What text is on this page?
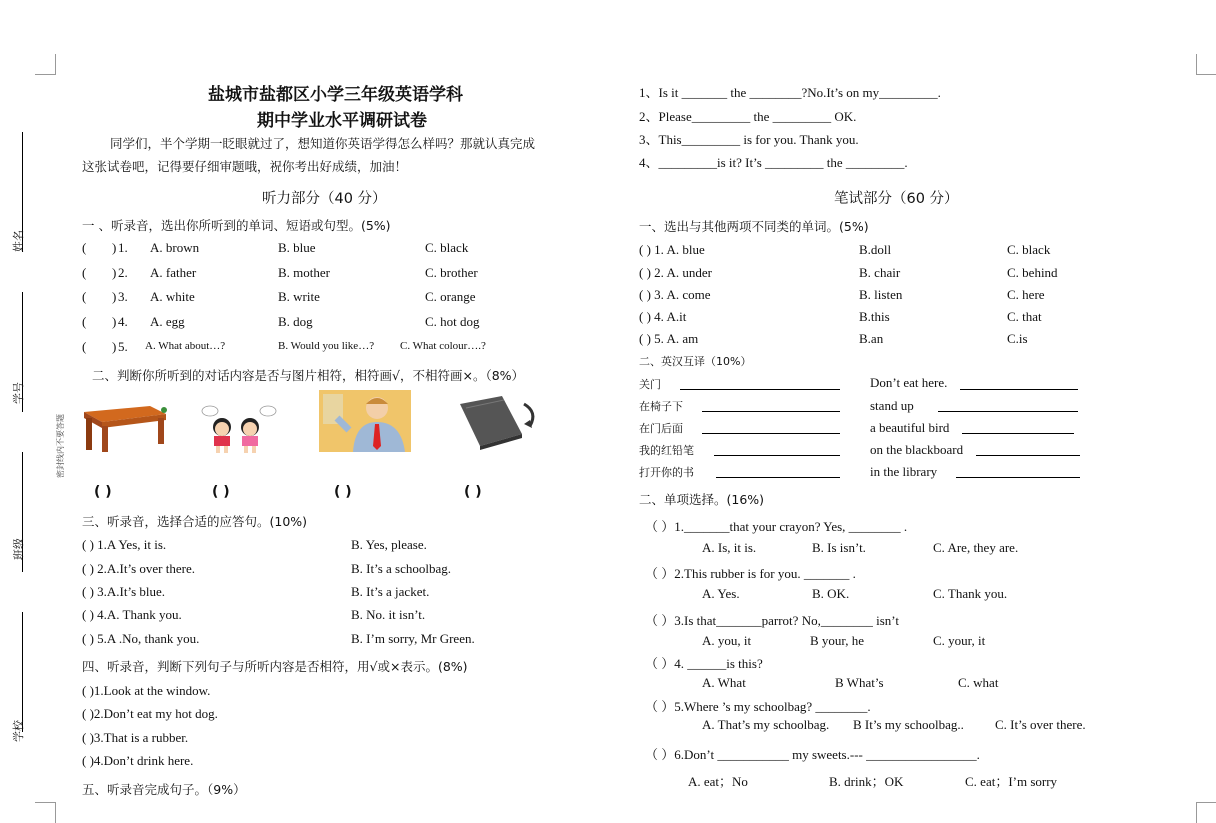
姓名
学号
班级
学校
密封线内不要答题
盐城市盐都区小学三年级英语学科
期中学业水平调研试卷
同学们，半个学期一眨眼就过了，想知道你英语学得怎么样吗？那就认真完成
这张试卷吧，记得要仔细审题哦，祝你考出好成绩，加油！
听力部分（40 分）
一 、听录音，选出你所听到的单词、短语或句型。(5%)
( ) 1. A. brown	B. blue	C. black
( ) 2. A. father	B. mother	C. brother
( ) 3. A. white	B. write	C. orange
( ) 4. A. egg	B. dog	C. hot dog
( ) 5. A. What about…?	B. Would you like…? C. What colour….?
二、判断你所听到的对话内容是否与图片相符，相符画√，不相符画×。（8%）
( )	( )	( )	( )
三、听录音，选择合适的应答句。(10%)
( ) 1.A Yes, it is.	B. Yes, please.
( ) 2.A.It’s over there.	B. It’s a schoolbag.
( ) 3.A.It’s blue.	B. It’s a jacket.
( ) 4.A. Thank you.	B. No. it isn’t.
( ) 5.A .No, thank you.	B. I’m sorry, Mr Green.
四、听录音，判断下列句子与所听内容是否相符，用√或×表示。(8%)
( )1.Look at the window.
( )2.Don’t eat my hot dog.
( )3.That is a rubber.
( )4.Don’t drink here.
五、听录音完成句子。（9%）
1、Is it _______ the ________?No.It’s on my_________.
2、Please_________ the _________ OK.
3、This_________ is for you. Thank you.
4、_________is it? It’s _________ the _________.
笔试部分（60 分）
一、选出与其他两项不同类的单词。(5%)
( ) 1. A. blue	B.doll	C. black
( ) 2. A. under	B. chair	C. behind
( ) 3. A. come	B. listen	C. here
( ) 4. A.it	B.this	C. that
( ) 5. A. am	B.an	C.is
二、英汉互译（10%）
关门	Don’t eat here.
在椅子下	stand up
在门后面	a beautiful bird
我的红铅笔	on the blackboard
打开你的书	in the library
二、单项选择。(16%)
（ ）1._______that your crayon? Yes, ________ .
A. Is, it is.	B. Is isn’t.	C. Are, they are.
（ ）2.This rubber is for you. _______ .
A. Yes.	B. OK.	C. Thank you.
（ ）3.Is that_______parrot? No,________ isn’t
A. you, it	B your, he	C. your, it
（ ）4. ______is this?
A. What	B What’s	C. what
（ ）5.Where ’s my schoolbag? ________.
A. That’s my schoolbag. B It’s my schoolbag.. C. It’s over there.
（ ）6.Don’t ___________ my sweets.--- _________________.
A. eat；No	B. drink；OK	C. eat；I’m sorry
